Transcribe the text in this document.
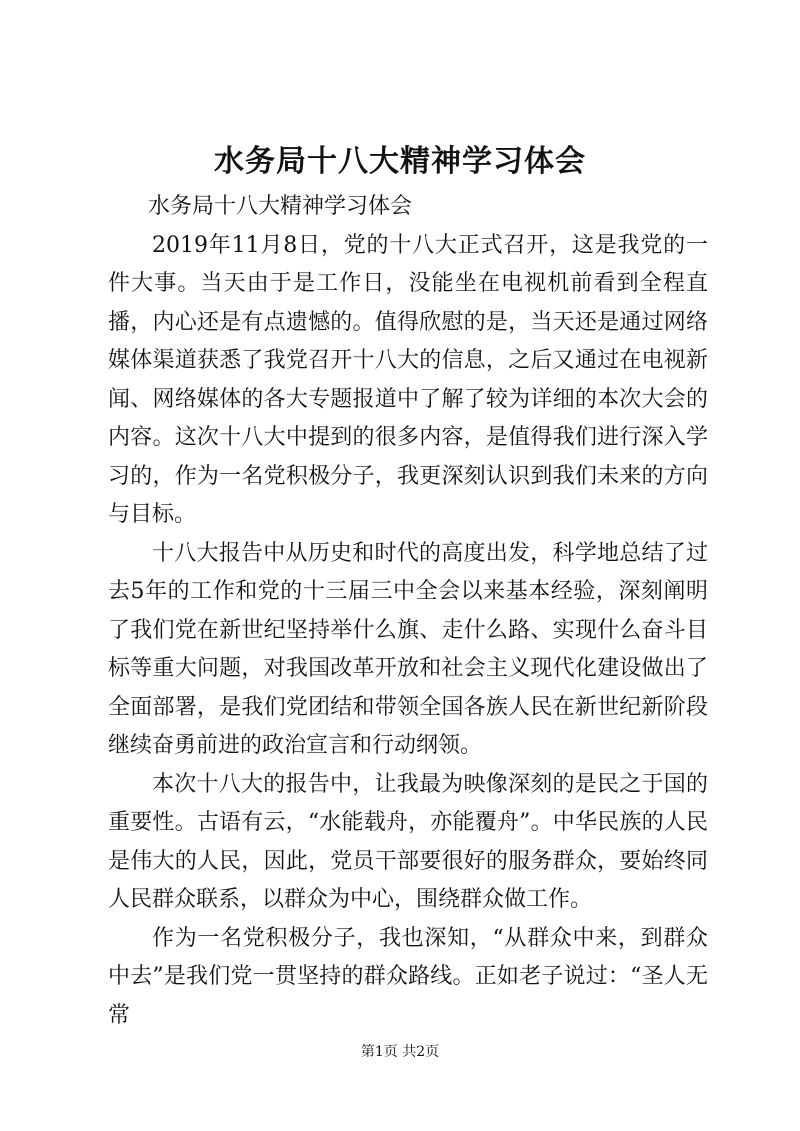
水务局十八大精神学习体会

水务局十八大精神学习体会

2019年11月8日，党的十八大正式召开，这是我党的一件大事。当天由于是工作日，没能坐在电视机前看到全程直播，内心还是有点遗憾的。值得欣慰的是，当天还是通过网络媒体渠道获悉了我党召开十八大的信息，之后又通过在电视新闻、网络媒体的各大专题报道中了解了较为详细的本次大会的内容。这次十八大中提到的很多内容，是值得我们进行深入学习的，作为一名党积极分子，我更深刻认识到我们未来的方向与目标。

十八大报告中从历史和时代的高度出发，科学地总结了过去5年的工作和党的十三届三中全会以来基本经验，深刻阐明了我们党在新世纪坚持举什么旗、走什么路、实现什么奋斗目标等重大问题，对我国改革开放和社会主义现代化建设做出了全面部署，是我们党团结和带领全国各族人民在新世纪新阶段继续奋勇前进的政治宣言和行动纲领。

本次十八大的报告中，让我最为映像深刻的是民之于国的重要性。古语有云，“水能载舟，亦能覆舟”。中华民族的人民是伟大的人民，因此，党员干部要很好的服务群众，要始终同人民群众联系，以群众为中心，围绕群众做工作。

作为一名党积极分子，我也深知，“从群众中来，到群众中去”是我们党一贯坚持的群众路线。正如老子说过：“圣人无常

第1页 共2页
